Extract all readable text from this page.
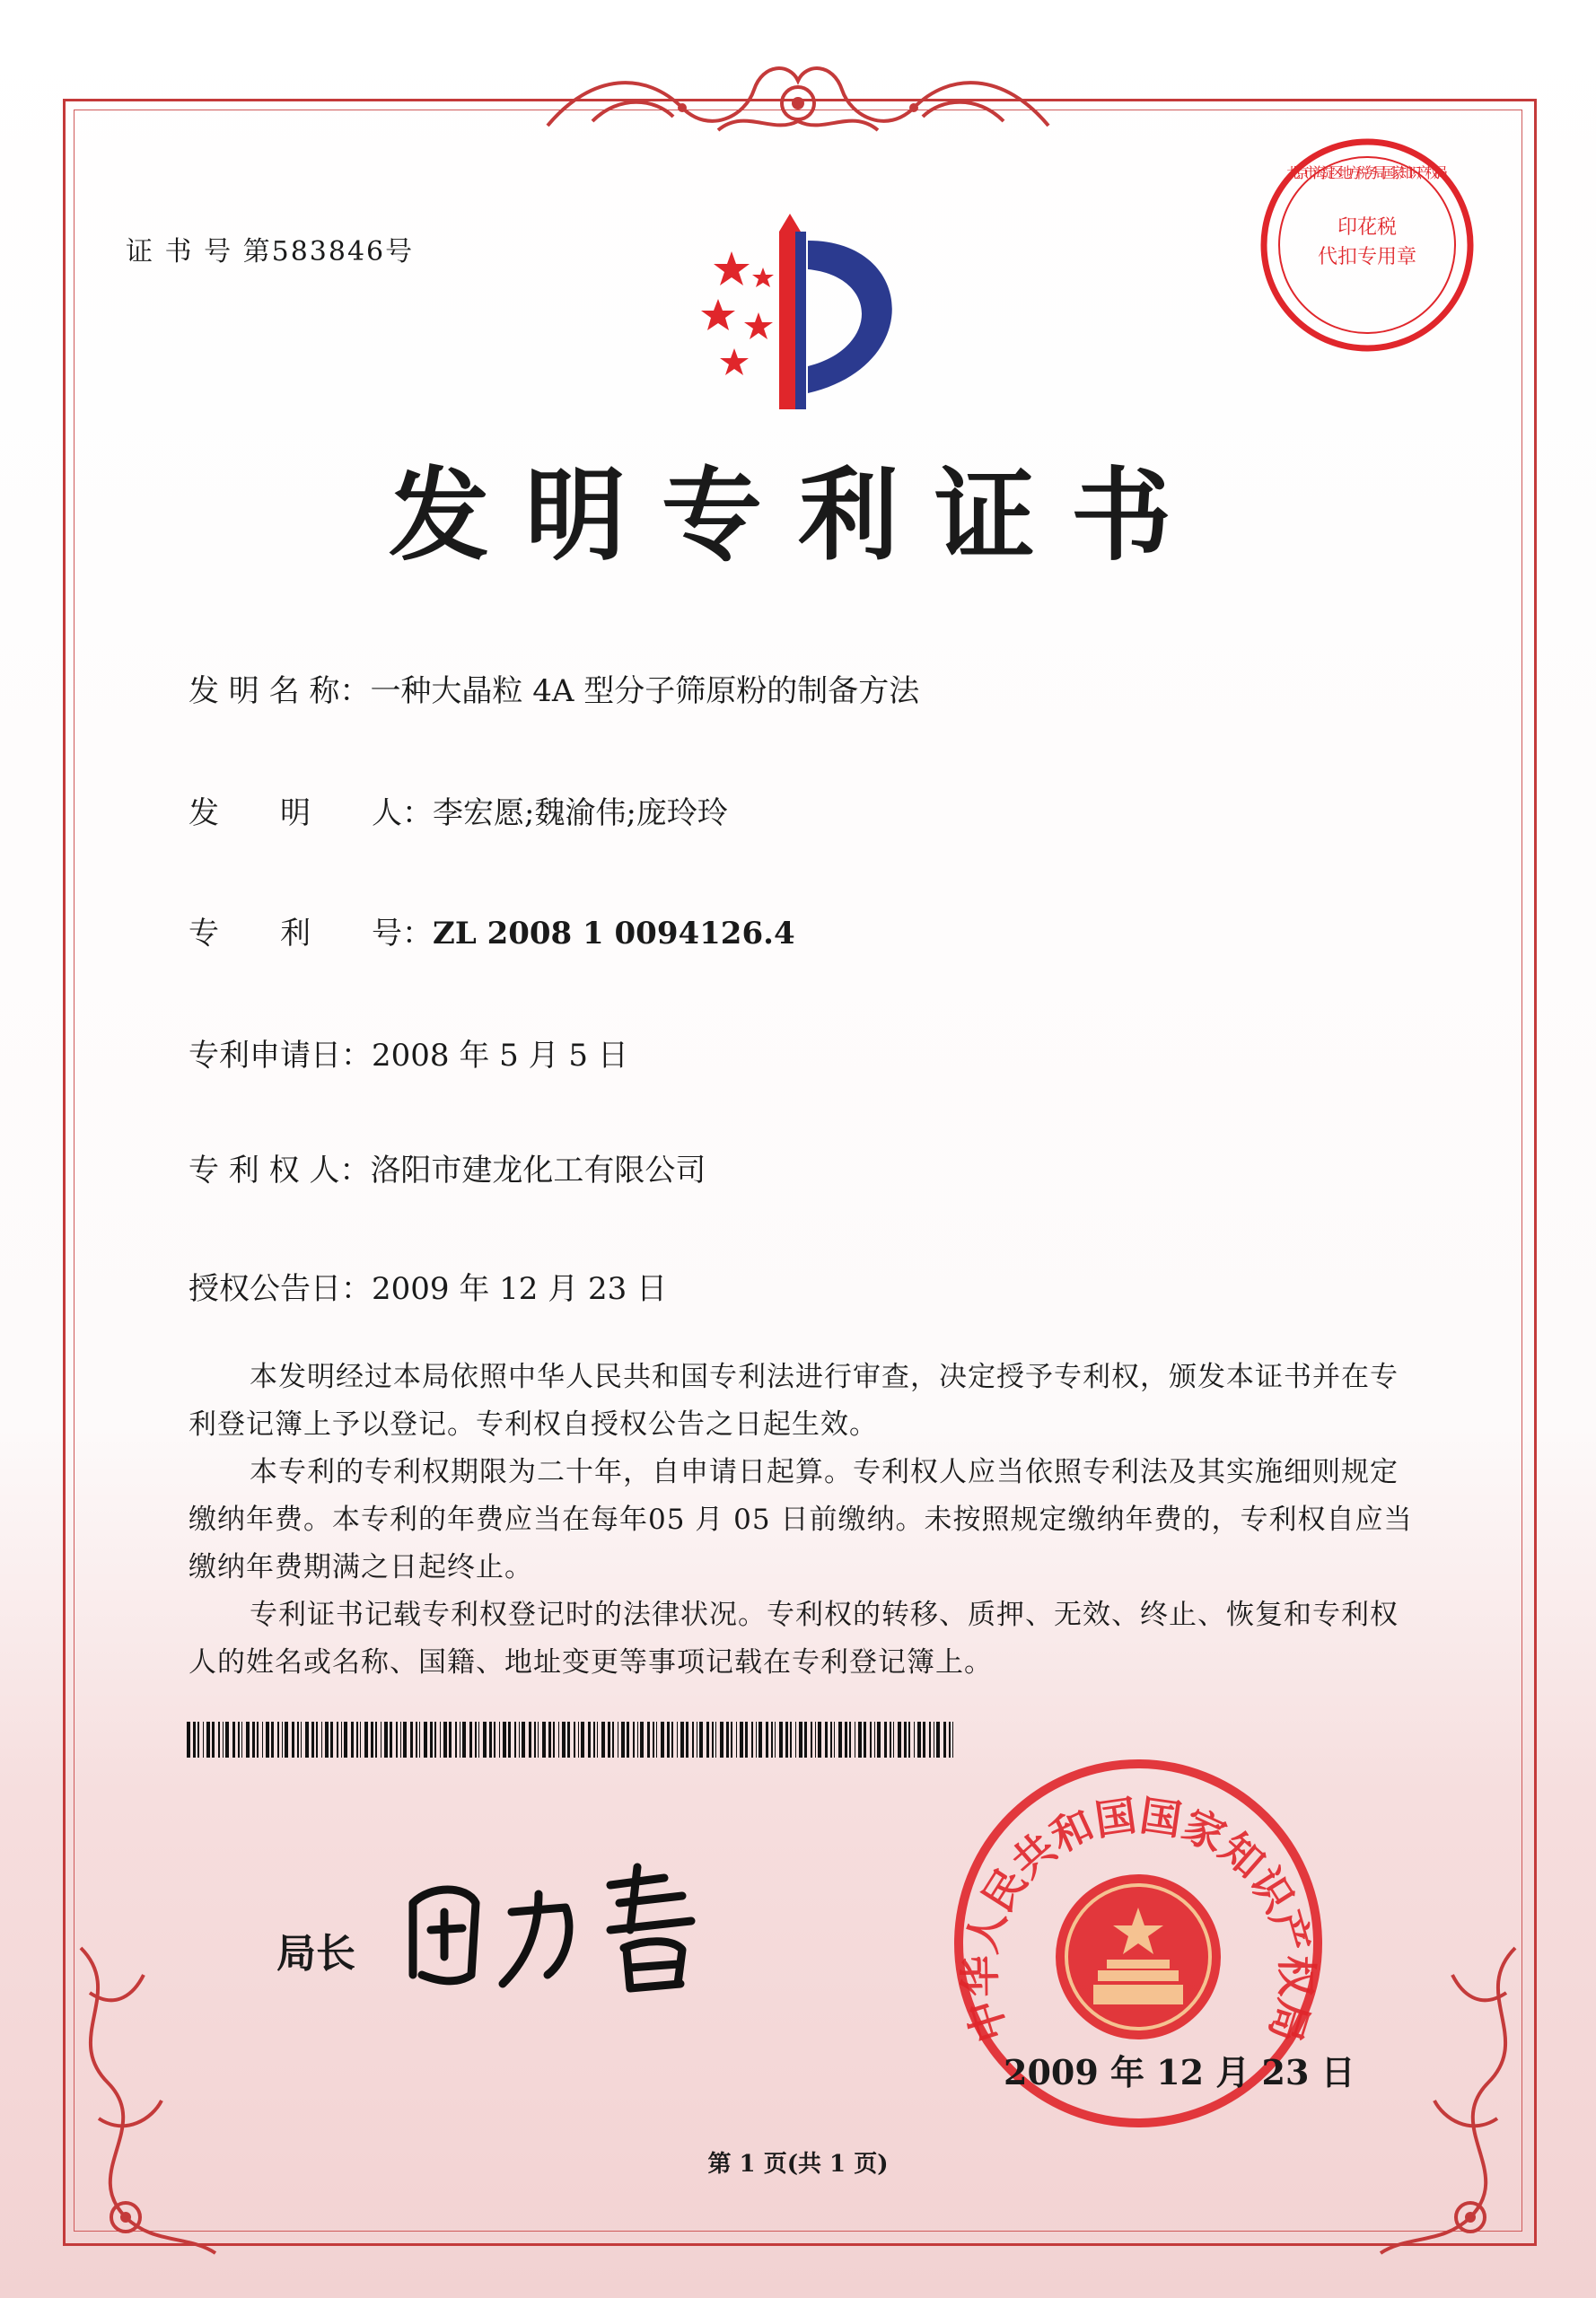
证 书 号 第583846号
印花税
代扣专用章
北京市海淀区地方税务局国家知识产权局
发明专利证书
发 明 名 称：一种大晶粒 4A 型分子筛原粉的制备方法
发　　明　　人：李宏愿;魏渝伟;庞玲玲
专　　利　　号：ZL 2008 1 0094126.4
专利申请日：2008 年 5 月 5 日
专 利 权 人：洛阳市建龙化工有限公司
授权公告日：2009 年 12 月 23 日

本发明经过本局依照中华人民共和国专利法进行审查，决定授予专利权，颁发本证书并在专利登记簿上予以登记。专利权自授权公告之日起生效。

本专利的专利权期限为二十年，自申请日起算。专利权人应当依照专利法及其实施细则规定缴纳年费。本专利的年费应当在每年05 月 05 日前缴纳。未按照规定缴纳年费的，专利权自应当缴纳年费期满之日起终止。

专利证书记载专利权登记时的法律状况。专利权的转移、质押、无效、终止、恢复和专利权人的姓名或名称、国籍、地址变更等事项记载在专利登记簿上。

中华人民共和国国家知识产权局
2009 年 12 月 23 日
局长
第 1 页(共 1 页)
